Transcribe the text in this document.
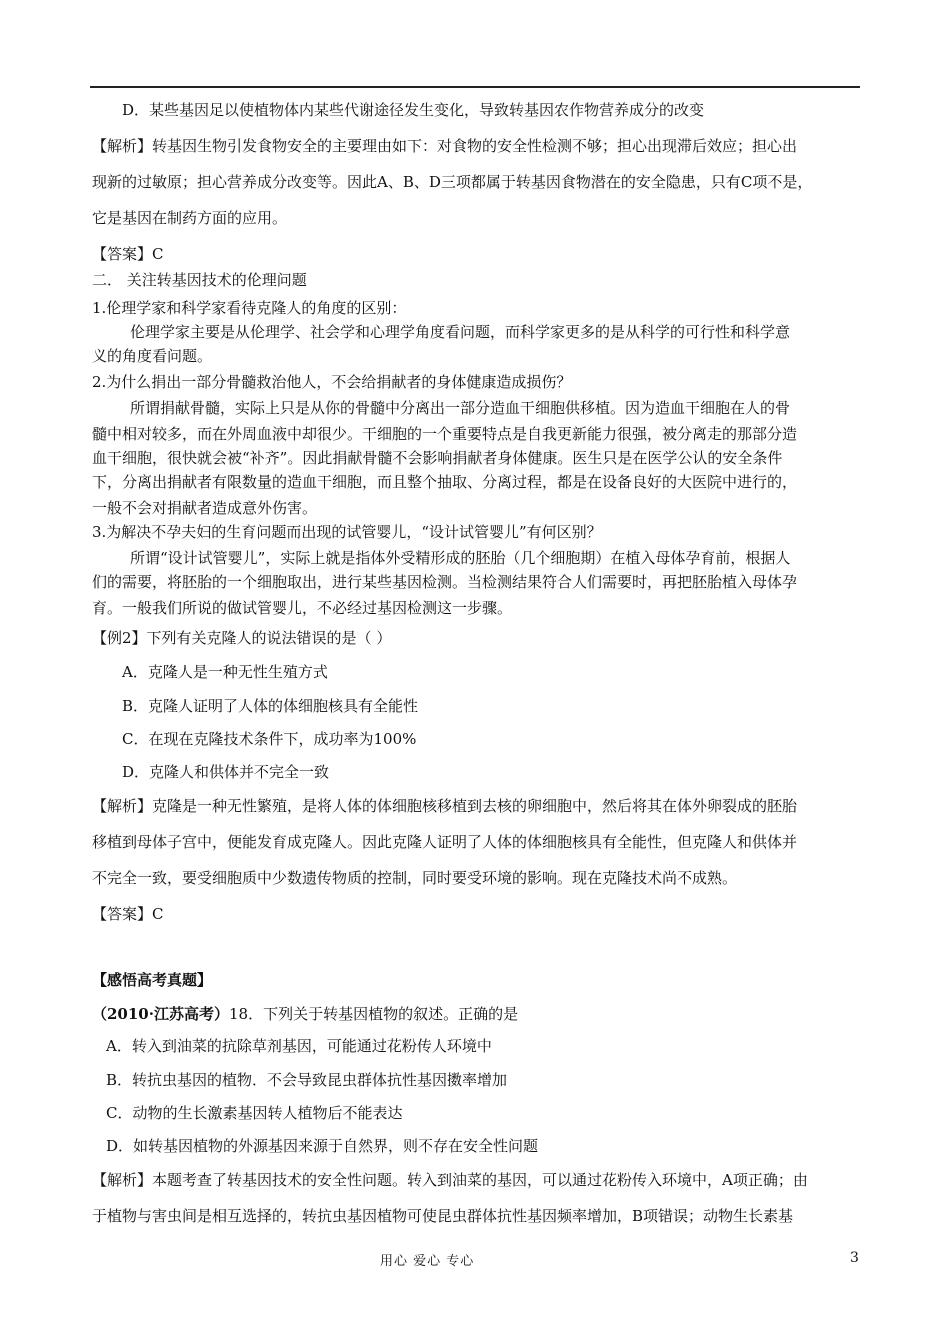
D．某些基因足以使植物体内某些代谢途径发生变化，导致转基因农作物营养成分的改变
【解析】转基因生物引发食物安全的主要理由如下：对食物的安全性检测不够；担心出现滞后效应；担心出
现新的过敏原；担心营养成分改变等。因此A、B、D三项都属于转基因食物潜在的安全隐患，只有C项不是，
它是基因在制药方面的应用。
【答案】C
二． 关注转基因技术的伦理问题
1.伦理学家和科学家看待克隆人的角度的区别：
伦理学家主要是从伦理学、社会学和心理学角度看问题，而科学家更多的是从科学的可行性和科学意
义的角度看问题。
2.为什么捐出一部分骨髓救治他人，不会给捐献者的身体健康造成损伤？
所谓捐献骨髓，实际上只是从你的骨髓中分离出一部分造血干细胞供移植。因为造血干细胞在人的骨
髓中相对较多，而在外周血液中却很少。干细胞的一个重要特点是自我更新能力很强，被分离走的那部分造
血干细胞，很快就会被“补齐”。因此捐献骨髓不会影响捐献者身体健康。医生只是在医学公认的安全条件
下，分离出捐献者有限数量的造血干细胞，而且整个抽取、分离过程，都是在设备良好的大医院中进行的，
一般不会对捐献者造成意外伤害。
3.为解决不孕夫妇的生育问题而出现的试管婴儿，“设计试管婴儿”有何区别？
所谓“设计试管婴儿”，实际上就是指体外受精形成的胚胎（几个细胞期）在植入母体孕育前，根据人
们的需要，将胚胎的一个细胞取出，进行某些基因检测。当检测结果符合人们需要时，再把胚胎植入母体孕
育。一般我们所说的做试管婴儿，不必经过基因检测这一步骤。
【例2】下列有关克隆人的说法错误的是（ ）
A．克隆人是一种无性生殖方式
B．克隆人证明了人体的体细胞核具有全能性
C．在现在克隆技术条件下，成功率为100%
D．克隆人和供体并不完全一致
【解析】克隆是一种无性繁殖，是将人体的体细胞核移植到去核的卵细胞中，然后将其在体外卵裂成的胚胎
移植到母体子宫中，便能发育成克隆人。因此克隆人证明了人体的体细胞核具有全能性，但克隆人和供体并
不完全一致，要受细胞质中少数遗传物质的控制，同时要受环境的影响。现在克隆技术尚不成熟。
【答案】C
【感悟高考真题】
（2010·江苏高考）18．下列关于转基因植物的叙述。正确的是
A．转入到油菜的抗除草剂基因，可能通过花粉传人环境中
B．转抗虫基因的植物．不会导致昆虫群体抗性基因擞率增加
C．动物的生长激素基因转人植物后不能表达
D．如转基因植物的外源基因来源于自然界，则不存在安全性问题
【解析】本题考查了转基因技术的安全性问题。转入到油菜的基因，可以通过花粉传入环境中，A项正确；由
于植物与害虫间是相互选择的，转抗虫基因植物可使昆虫群体抗性基因频率增加，B项错误；动物生长素基
用心 爱心 专心	3
